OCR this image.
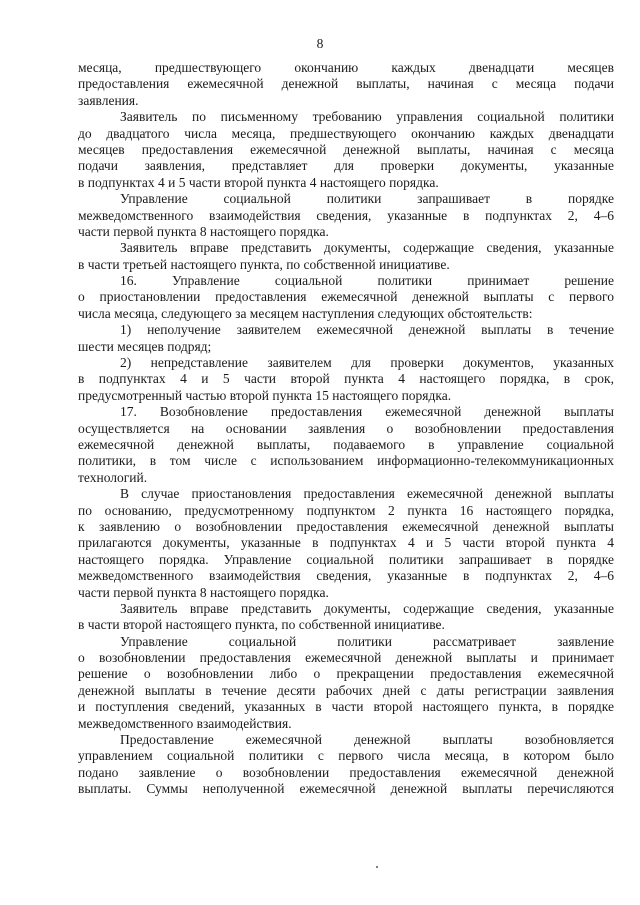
8
месяца, предшествующего окончанию каждых двенадцати месяцев
предоставления ежемесячной денежной выплаты, начиная с месяца подачи
заявления.
Заявитель по письменному требованию управления социальной политики
до двадцатого числа месяца, предшествующего окончанию каждых двенадцати
месяцев предоставления ежемесячной денежной выплаты, начиная с месяца
подачи заявления, представляет для проверки документы, указанные
в подпунктах 4 и 5 части второй пункта 4 настоящего порядка.
Управление социальной политики запрашивает в порядке
межведомственного взаимодействия сведения, указанные в подпунктах 2, 4–6
части первой пункта 8 настоящего порядка.
Заявитель вправе представить документы, содержащие сведения, указанные
в части третьей настоящего пункта, по собственной инициативе.
16. Управление социальной политики принимает решение
о приостановлении предоставления ежемесячной денежной выплаты с первого
числа месяца, следующего за месяцем наступления следующих обстоятельств:
1) неполучение заявителем ежемесячной денежной выплаты в течение
шести месяцев подряд;
2) непредставление заявителем для проверки документов, указанных
в подпунктах 4 и 5 части второй пункта 4 настоящего порядка, в срок,
предусмотренный частью второй пункта 15 настоящего порядка.
17. Возобновление предоставления ежемесячной денежной выплаты
осуществляется на основании заявления о возобновлении предоставления
ежемесячной денежной выплаты, подаваемого в управление социальной
политики, в том числе с использованием информационно-телекоммуникационных
технологий.
В случае приостановления предоставления ежемесячной денежной выплаты
по основанию, предусмотренному подпунктом 2 пункта 16 настоящего порядка,
к заявлению о возобновлении предоставления ежемесячной денежной выплаты
прилагаются документы, указанные в подпунктах 4 и 5 части второй пункта 4
настоящего порядка. Управление социальной политики запрашивает в порядке
межведомственного взаимодействия сведения, указанные в подпунктах 2, 4–6
части первой пункта 8 настоящего порядка.
Заявитель вправе представить документы, содержащие сведения, указанные
в части второй настоящего пункта, по собственной инициативе.
Управление социальной политики рассматривает заявление
о возобновлении предоставления ежемесячной денежной выплаты и принимает
решение о возобновлении либо о прекращении предоставления ежемесячной
денежной выплаты в течение десяти рабочих дней с даты регистрации заявления
и поступления сведений, указанных в части второй настоящего пункта, в порядке
межведомственного взаимодействия.
Предоставление ежемесячной денежной выплаты возобновляется
управлением социальной политики с первого числа месяца, в котором было
подано заявление о возобновлении предоставления ежемесячной денежной
выплаты. Суммы неполученной ежемесячной денежной выплаты перечисляются
